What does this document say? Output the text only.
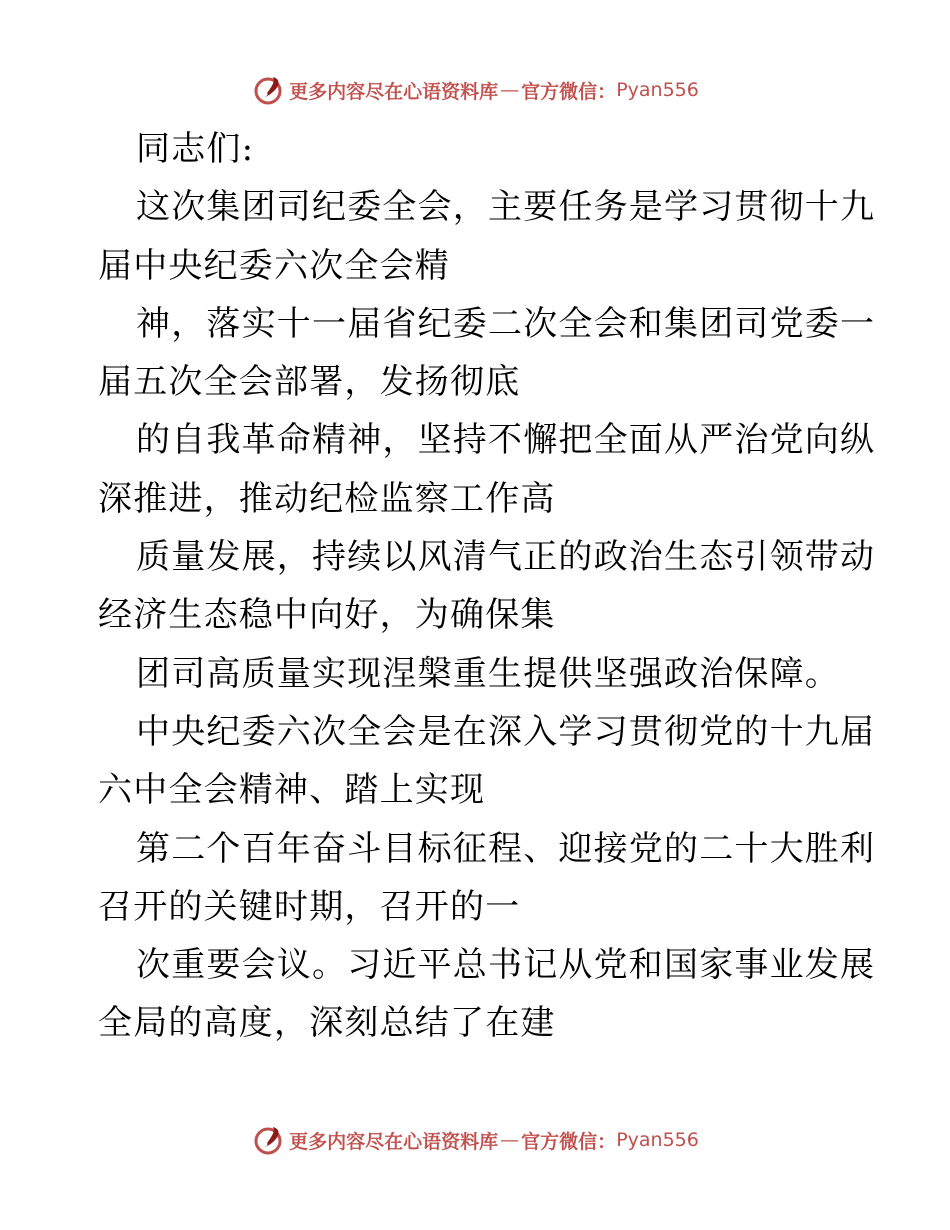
更多内容尽在心语资料库 — 官方微信： Pyan556
同志们:
这次集团司纪委全会，主要任务是学习贯彻十九
届中央纪委六次全会精
神，落实十一届省纪委二次全会和集团司党委一
届五次全会部署，发扬彻底
的自我革命精神，坚持不懈把全面从严治党向纵
深推进，推动纪检监察工作高
质量发展，持续以风清气正的政治生态引领带动
经济生态稳中向好，为确保集
团司高质量实现涅槃重生提供坚强政治保障。
中央纪委六次全会是在深入学习贯彻党的十九届
六中全会精神、踏上实现
第二个百年奋斗目标征程、迎接党的二十大胜利
召开的关键时期，召开的一
次重要会议。习近平总书记从党和国家事业发展
全局的高度，深刻总结了在建
更多内容尽在心语资料库 — 官方微信： Pyan556
